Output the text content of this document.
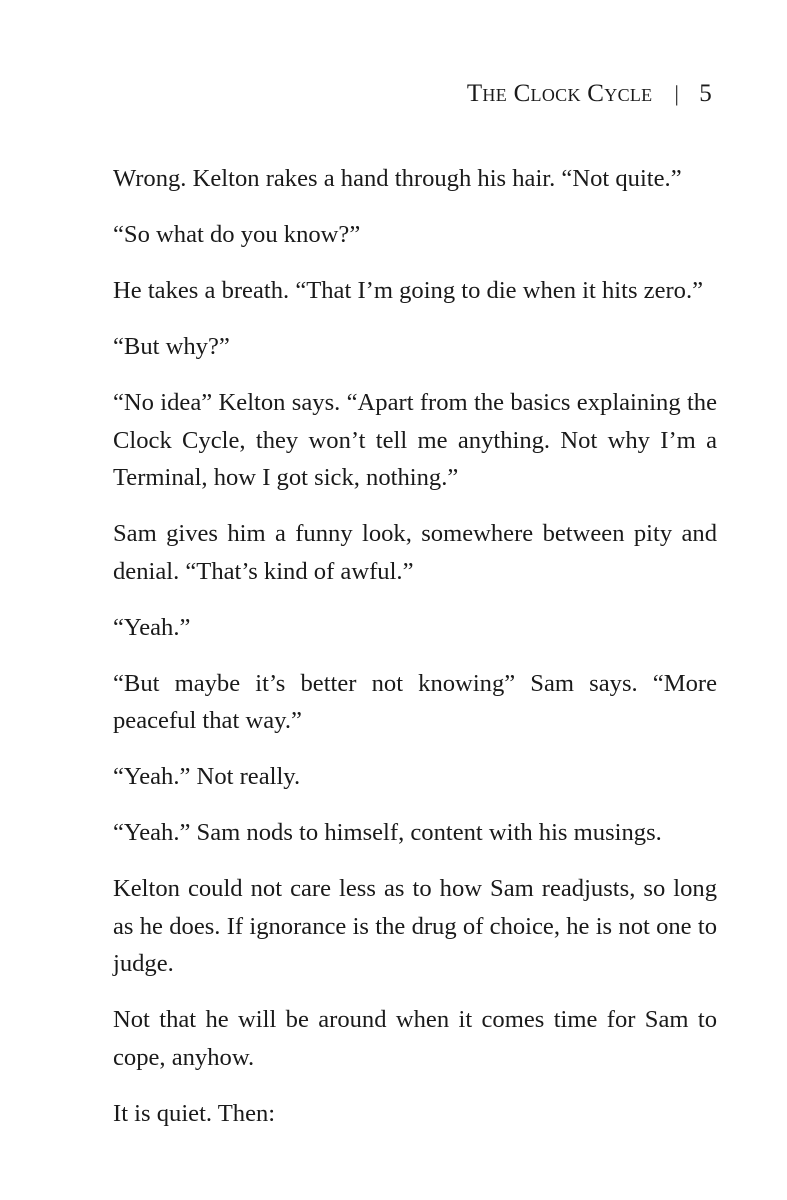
The Clock Cycle | 5

Wrong. Kelton rakes a hand through his hair. “Not quite.”

“So what do you know?”

He takes a breath. “That I’m going to die when it hits zero.”

“But why?”

“No idea” Kelton says. “Apart from the basics explaining the Clock Cycle, they won’t tell me anything. Not why I’m a Terminal, how I got sick, nothing.”

Sam gives him a funny look, somewhere between pity and denial. “That’s kind of awful.”

“Yeah.”

“But maybe it’s better not knowing” Sam says. “More peaceful that way.”

“Yeah.” Not really.

“Yeah.” Sam nods to himself, content with his musings.

Kelton could not care less as to how Sam readjusts, so long as he does. If ignorance is the drug of choice, he is not one to judge.

Not that he will be around when it comes time for Sam to cope, anyhow.

It is quiet. Then:
